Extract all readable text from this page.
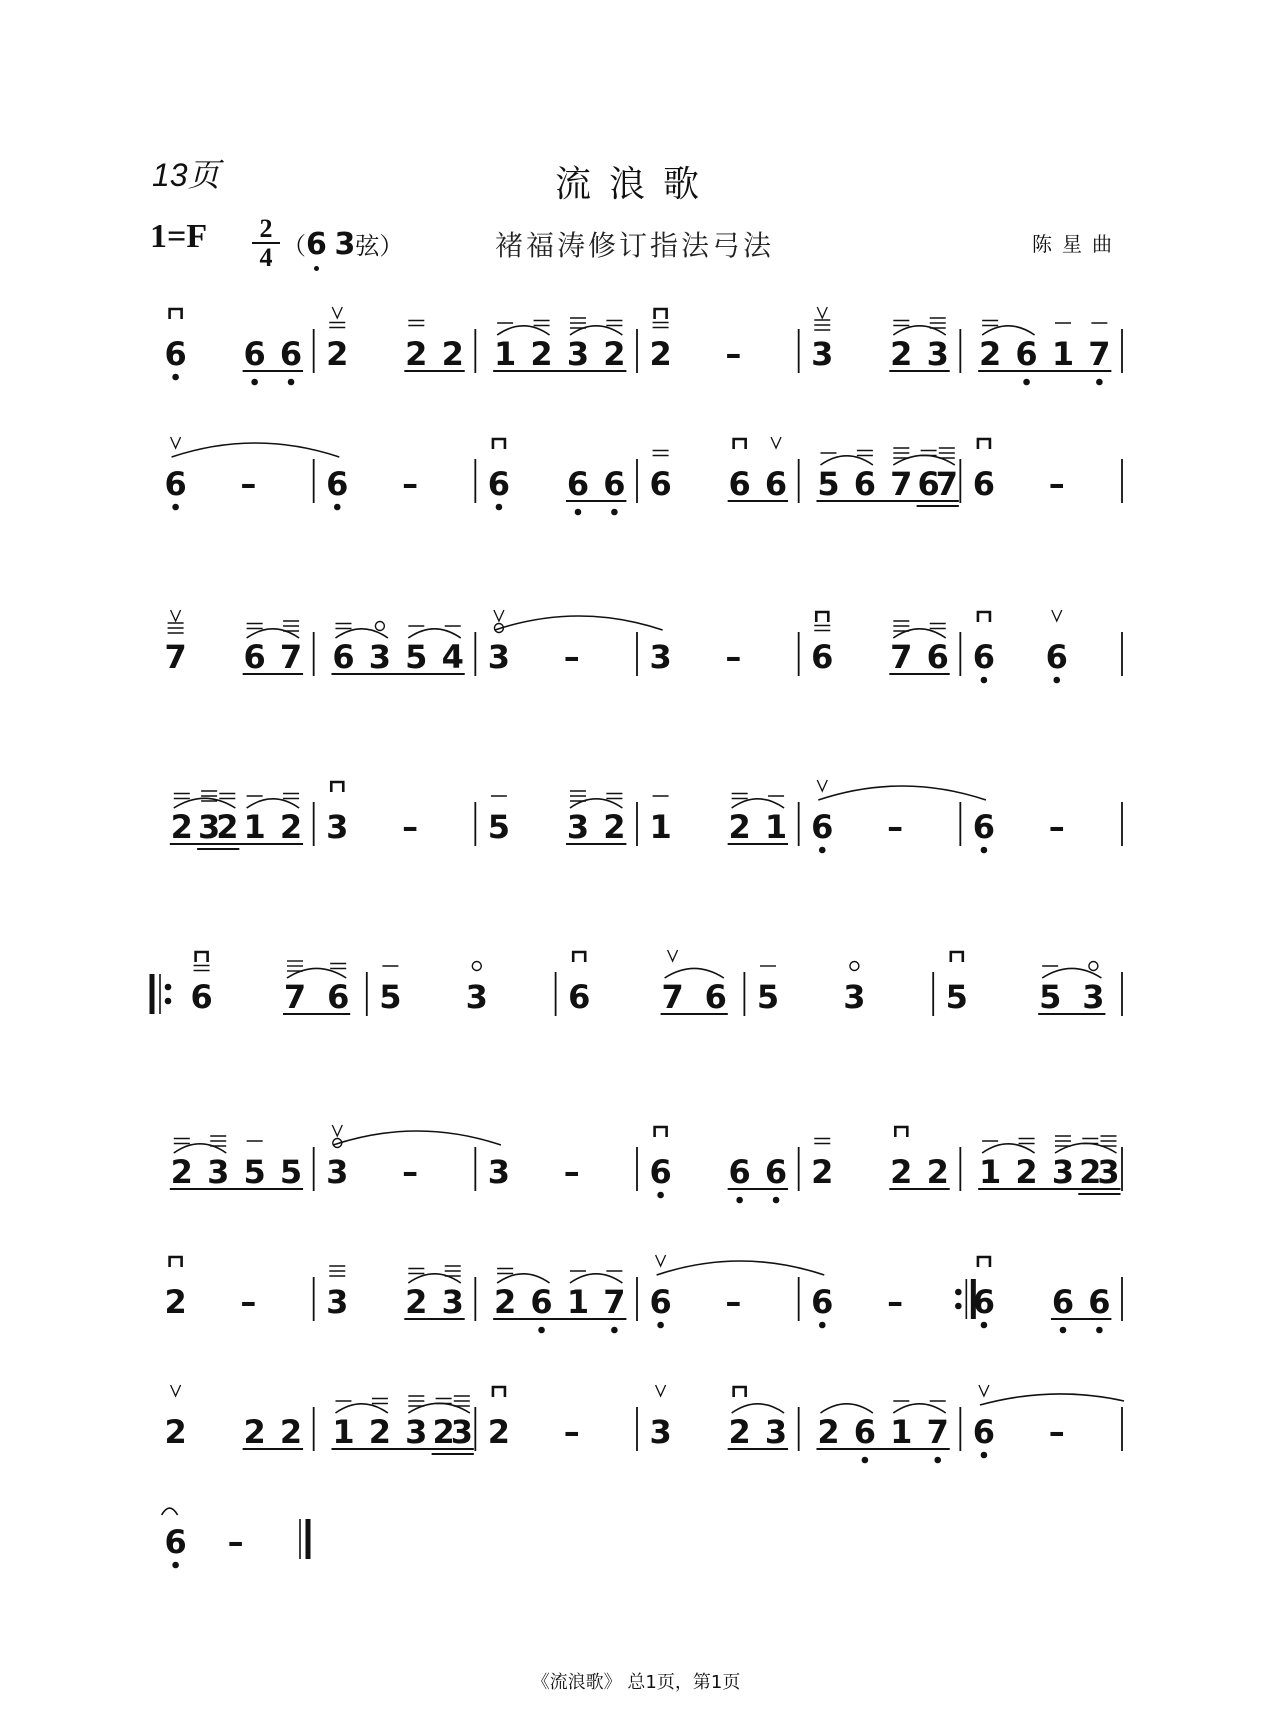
13页	流浪歌
1=F 2
4 （6 3弦）	褚福涛修订指法弓法	陈星曲
6 6 6 2 2 2 1 2 3 2 2 – 3 2 3 2 6 1 7
6 – 6 – 6 6 6 6 6 6 5 6 7 6
7 6 –
7 6 7 6 3 5 4 3 – 3 – 6 7 6 6 6
2 3
2 1 2 3 – 5 3 2 1 2 1 6 – 6 –
6 7 6 5 3	6 7 6 5 3	5 5 3
2 3 5 5 3 – 3 – 6 6 6 2 2 2 1 2 3 2
3
2 – 3 2 3 2 6 1 7 6 – 6 – 6 6 6
2 2 2 1 2 3 2
3 2 – 3 2 3 2 6 1 7 6 –
6 –
《流浪歌》 总1页，第1页
